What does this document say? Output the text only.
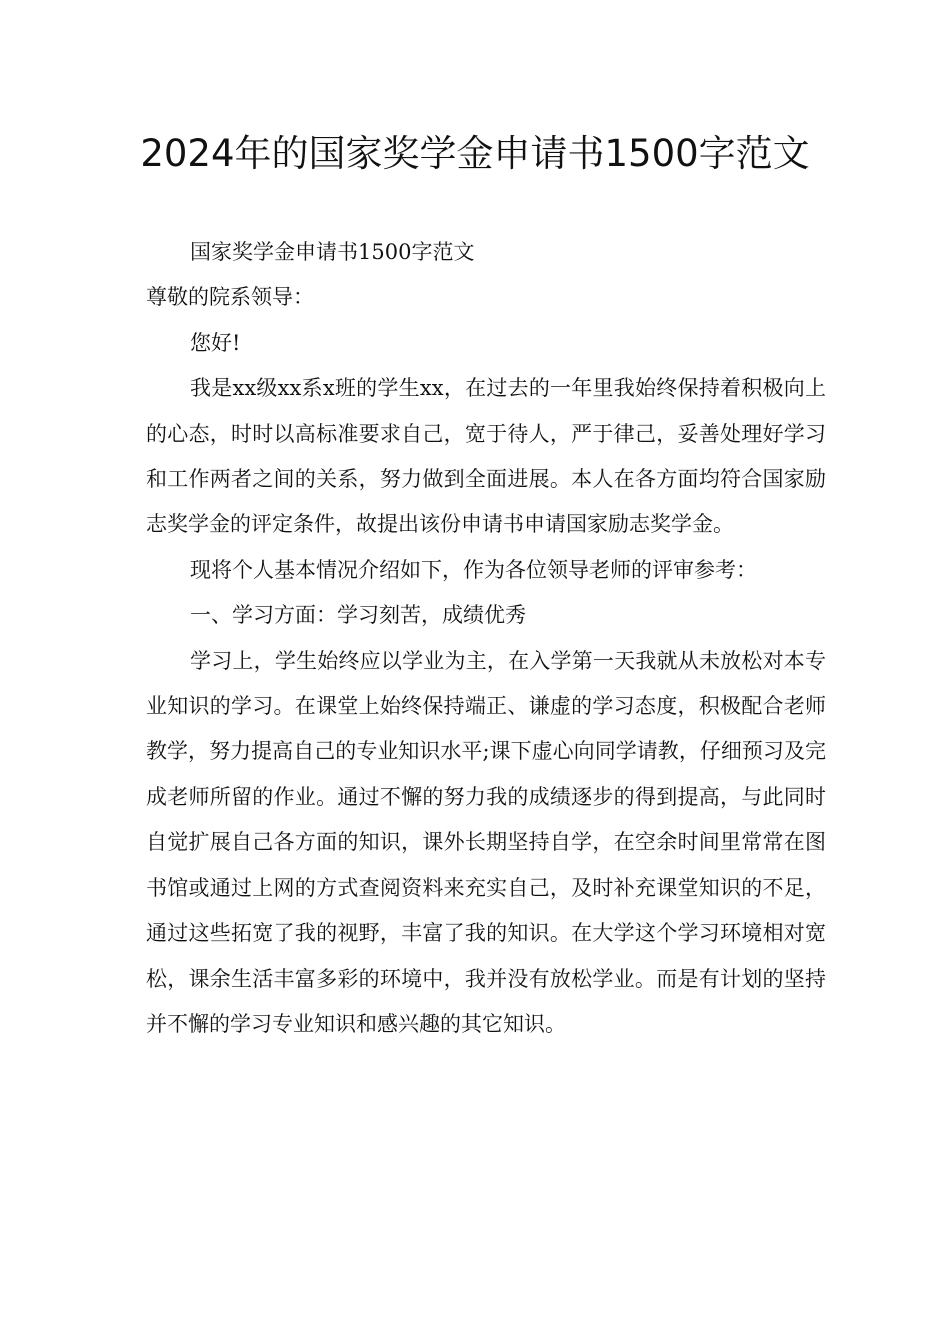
2024年的国家奖学金申请书1500字范文

国家奖学金申请书1500字范文

尊敬的院系领导：

您好!

我是xx级xx系x班的学生xx，在过去的一年里我始终保持着积极向上的心态，时时以高标准要求自己，宽于待人，严于律己，妥善处理好学习和工作两者之间的关系，努力做到全面进展。本人在各方面均符合国家励志奖学金的评定条件，故提出该份申请书申请国家励志奖学金。

现将个人基本情况介绍如下，作为各位领导老师的评审参考：

一、学习方面：学习刻苦，成绩优秀

学习上，学生始终应以学业为主，在入学第一天我就从未放松对本专业知识的学习。在课堂上始终保持端正、谦虚的学习态度，积极配合老师教学，努力提高自己的专业知识水平;课下虚心向同学请教，仔细预习及完成老师所留的作业。通过不懈的努力我的成绩逐步的得到提高，与此同时自觉扩展自己各方面的知识，课外长期坚持自学，在空余时间里常常在图书馆或通过上网的方式查阅资料来充实自己，及时补充课堂知识的不足，通过这些拓宽了我的视野，丰富了我的知识。在大学这个学习环境相对宽松，课余生活丰富多彩的环境中，我并没有放松学业。而是有计划的坚持并不懈的学习专业知识和感兴趣的其它知识。
